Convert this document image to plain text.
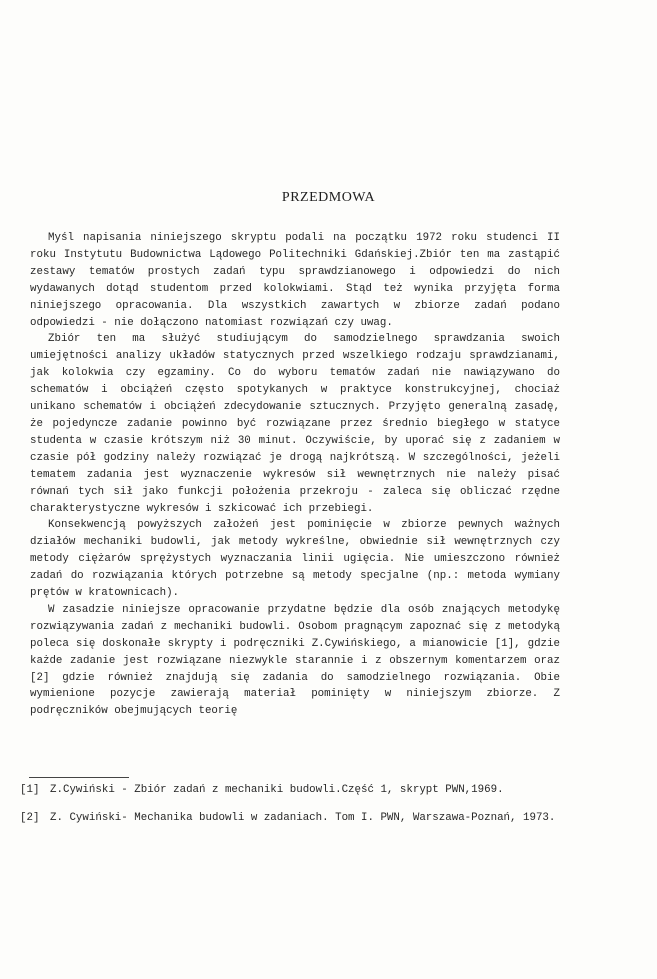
PRZEDMOWA

Myśl napisania niniejszego skryptu podali na początku 1972 roku studenci II roku Instytutu Budownictwa Lądowego Politechniki Gdańskiej.Zbiór ten ma zastąpić zestawy tematów prostych zadań typu sprawdzianowego i odpowiedzi do nich wydawanych dotąd studentom przed kolokwiami. Stąd też wynika przyjęta forma niniejszego opracowania. Dla wszystkich zawartych w zbiorze zadań podano odpowiedzi - nie dołączono natomiast rozwiązań czy uwag.

Zbiór ten ma służyć studiującym do samodzielnego sprawdzania swoich umiejętności analizy układów statycznych przed wszelkiego rodzaju sprawdzianami, jak kolokwia czy egzaminy. Co do wyboru tematów zadań nie nawiązywano do schematów i obciążeń często spotykanych w praktyce konstrukcyjnej, chociaż unikano schematów i obciążeń zdecydowanie sztucznych. Przyjęto generalną zasadę, że pojedyncze zadanie powinno być rozwiązane przez średnio biegłego w statyce studenta w czasie krótszym niż 30 minut. Oczywiście, by uporać się z zadaniem w czasie pół godziny należy rozwiązać je drogą najkrótszą. W szczególności, jeżeli tematem zadania jest wyznaczenie wykresów sił wewnętrznych nie należy pisać równań tych sił jako funkcji położenia przekroju - zaleca się obliczać rzędne charakterystyczne wykresów i szkicować ich przebiegi.

Konsekwencją powyższych założeń jest pominięcie w zbiorze pewnych ważnych działów mechaniki budowli, jak metody wykreślne, obwiednie sił wewnętrznych czy metody ciężarów sprężystych wyznaczania linii ugięcia. Nie umieszczono również zadań do rozwiązania których potrzebne są metody specjalne (np.: metoda wymiany prętów w kratownicach).

W zasadzie niniejsze opracowanie przydatne będzie dla osób znających metodykę rozwiązywania zadań z mechaniki budowli. Osobom pragnącym zapoznać się z metodyką poleca się doskonałe skrypty i podręczniki Z.Cywińskiego, a mianowicie [1], gdzie każde zadanie jest rozwiązane niezwykle starannie i z obszernym komentarzem oraz [2] gdzie również znajdują się zadania do samodzielnego rozwiązania. Obie wymienione pozycje zawierają materiał pominięty w niniejszym zbiorze. Z podręczników obejmujących teorię

[1] Z.Cywiński - Zbiór zadań z mechaniki budowli.Część 1, skrypt PWN,1969.
[2] Z. Cywiński- Mechanika budowli w zadaniach. Tom I. PWN, Warszawa-Poznań, 1973.
